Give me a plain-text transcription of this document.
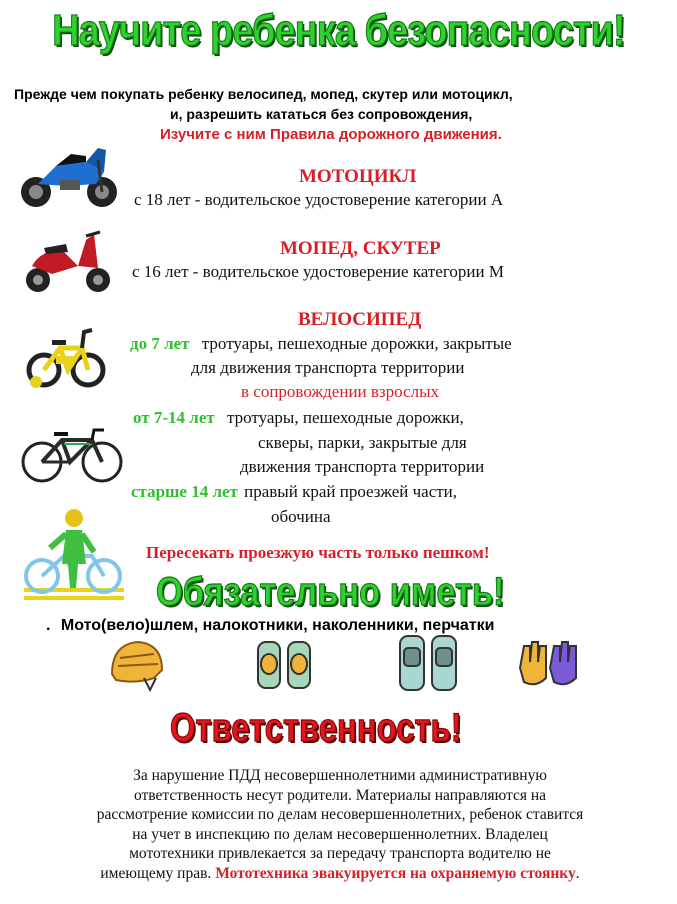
Научите ребенка безопасности!
Прежде чем покупать ребенку велосипед, мопед, скутер или мотоцикл,
и, разрешить кататься без сопровождения,
Изучите с ним Правила дорожного движения.
МОТОЦИКЛ
с 18 лет - водительское удостоверение категории А
МОПЕД, СКУТЕР
с 16 лет - водительское удостоверение категории М
ВЕЛОСИПЕД
до 7 лет тротуары, пешеходные дорожки, закрытые
для движения транспорта территории
в сопровождении взрослых
от 7-14 лет тротуары, пешеходные дорожки,
скверы, парки, закрытые для
движения транспорта территории
старше 14 лет правый край проезжей части,
обочина
Пересекать проезжую часть только пешком!
Обязательно иметь!
. Мото(вело)шлем, налокотники, наколенники, перчатки
Ответственность!
За нарушение ПДД несовершеннолетними административную
ответственность несут родители. Материалы направляются на
рассмотрение комиссии по делам несовершеннолетних, ребенок ставится
на учет в инспекцию по делам несовершеннолетних. Владелец
мототехники привлекается за передачу транспорта водителю не
имеющему прав. Мототехника эвакуируется на охраняемую стоянку.
